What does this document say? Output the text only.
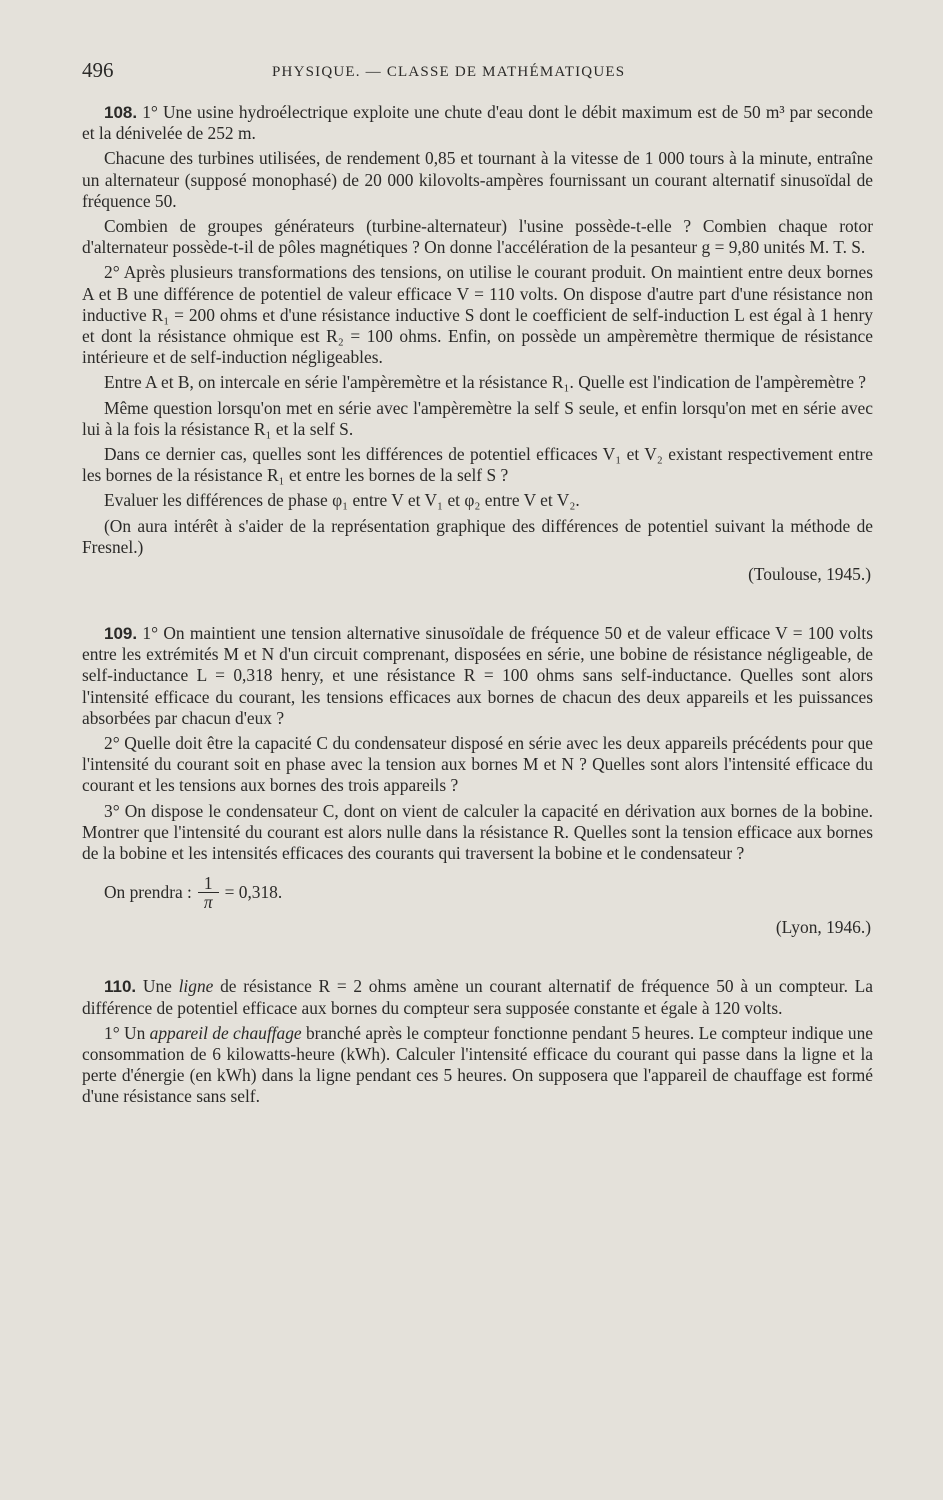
496	PHYSIQUE. — CLASSE DE MATHÉMATIQUES

108. 1° Une usine hydroélectrique exploite une chute d'eau dont le débit maximum est de 50 m³ par seconde et la dénivelée de 252 m.

Chacune des turbines utilisées, de rendement 0,85 et tournant à la vitesse de 1 000 tours à la minute, entraîne un alternateur (supposé monophasé) de 20 000 kilovolts-ampères fournissant un courant alternatif sinusoïdal de fréquence 50.

Combien de groupes générateurs (turbine-alternateur) l'usine possède-t-elle ? Combien chaque rotor d'alternateur possède-t-il de pôles magnétiques ? On donne l'accélération de la pesanteur g = 9,80 unités M. T. S.

2° Après plusieurs transformations des tensions, on utilise le courant produit. On maintient entre deux bornes A et B une différence de potentiel de valeur efficace V = 110 volts. On dispose d'autre part d'une résistance non inductive R₁ = 200 ohms et d'une résistance inductive S dont le coefficient de self-induction L est égal à 1 henry et dont la résistance ohmique est R₂ = 100 ohms. Enfin, on possède un ampèremètre thermique de résistance intérieure et de self-induction négligeables.

Entre A et B, on intercale en série l'ampèremètre et la résistance R₁. Quelle est l'indication de l'ampèremètre ?

Même question lorsqu'on met en série avec l'ampèremètre la self S seule, et enfin lorsqu'on met en série avec lui à la fois la résistance R₁ et la self S.

Dans ce dernier cas, quelles sont les différences de potentiel efficaces V₁ et V₂ existant respectivement entre les bornes de la résistance R₁ et entre les bornes de la self S ?

Evaluer les différences de phase φ₁ entre V et V₁ et φ₂ entre V et V₂.

(On aura intérêt à s'aider de la représentation graphique des différences de potentiel suivant la méthode de Fresnel.)

(Toulouse, 1945.)

109. 1° On maintient une tension alternative sinusoïdale de fréquence 50 et de valeur efficace V = 100 volts entre les extrémités M et N d'un circuit comprenant, disposées en série, une bobine de résistance négligeable, de self-inductance L = 0,318 henry, et une résistance R = 100 ohms sans self-inductance. Quelles sont alors l'intensité efficace du courant, les tensions efficaces aux bornes de chacun des deux appareils et les puissances absorbées par chacun d'eux ?

2° Quelle doit être la capacité C du condensateur disposé en série avec les deux appareils précédents pour que l'intensité du courant soit en phase avec la tension aux bornes M et N ? Quelles sont alors l'intensité efficace du courant et les tensions aux bornes des trois appareils ?

3° On dispose le condensateur C, dont on vient de calculer la capacité en dérivation aux bornes de la bobine. Montrer que l'intensité du courant est alors nulle dans la résistance R. Quelles sont la tension efficace aux bornes de la bobine et les intensités efficaces des courants qui traversent la bobine et le condensateur ?

On prendra : $\frac{1}{\pi} = 0,318$.
(Lyon, 1946.)

110. Une ligne de résistance R = 2 ohms amène un courant alternatif de fréquence 50 à un compteur. La différence de potentiel efficace aux bornes du compteur sera supposée constante et égale à 120 volts.

1° Un appareil de chauffage branché après le compteur fonctionne pendant 5 heures. Le compteur indique une consommation de 6 kilowatts-heure (kWh). Calculer l'intensité efficace du courant qui passe dans la ligne et la perte d'énergie (en kWh) dans la ligne pendant ces 5 heures. On supposera que l'appareil de chauffage est formé d'une résistance sans self.
